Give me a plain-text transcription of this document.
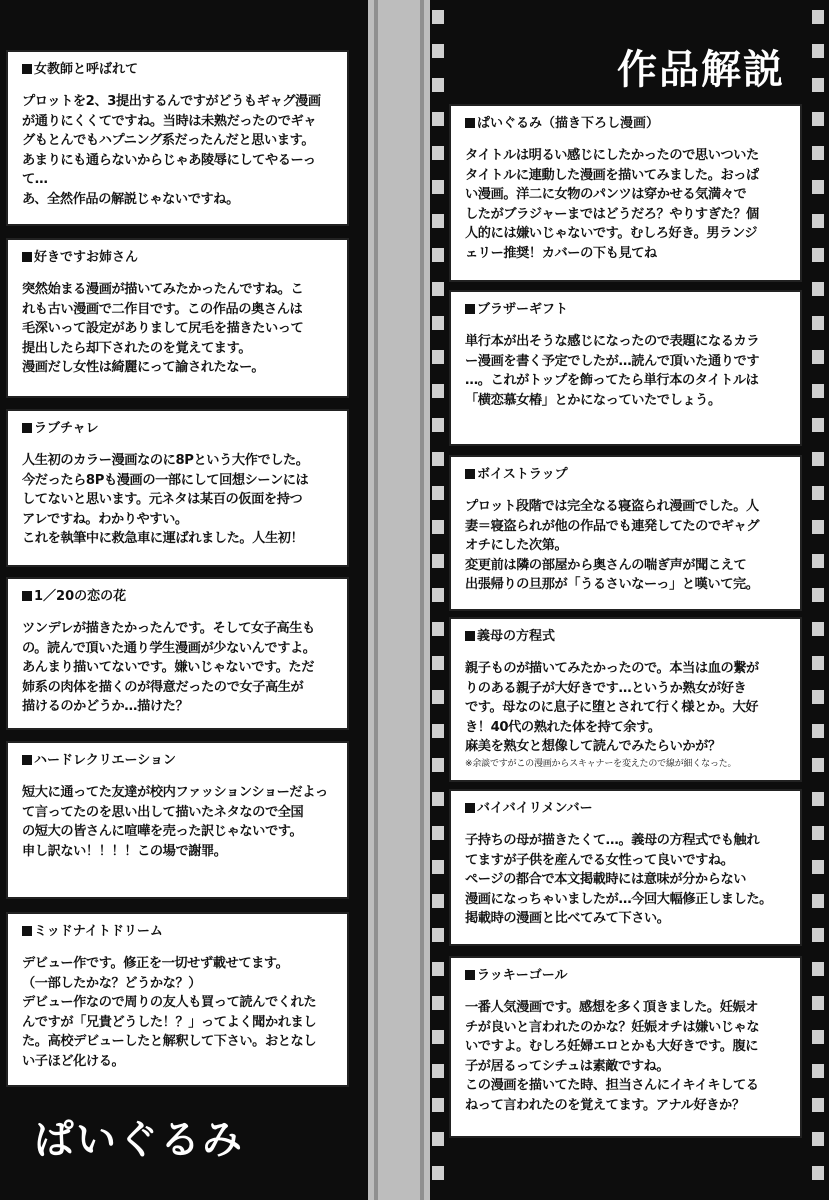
作品解説
ぱいぐるみ
女教師と呼ばれて

プロットを2、3提出するんですがどうもギャグ漫画
が通りにくくてですね。当時は未熟だったのでギャ
グもとんでもハプニング系だったんだと思います。
あまりにも通らないからじゃあ陵辱にしてやるーっ
て…
あ、全然作品の解説じゃないですね。

好きですお姉さん

突然始まる漫画が描いてみたかったんですね。こ
れも古い漫画で二作目です。この作品の奥さんは
毛深いって設定がありまして尻毛を描きたいって
提出したら却下されたのを覚えてます。
漫画だし女性は綺麗にって諭されたなー。

ラブチャレ

人生初のカラー漫画なのに8Pという大作でした。
今だったら8Pも漫画の一部にして回想シーンには
してないと思います。元ネタは某百の仮面を持つ
アレですね。わかりやすい。
これを執筆中に救急車に運ばれました。人生初！

1／20の恋の花

ツンデレが描きたかったんです。そして女子高生も
の。読んで頂いた通り学生漫画が少ないんですよ。
あんまり描いてないです。嫌いじゃないです。ただ
姉系の肉体を描くのが得意だったので女子高生が
描けるのかどうか…描けた？

ハードレクリエーション

短大に通ってた友達が校内ファッションショーだよっ
て言ってたのを思い出して描いたネタなので全国
の短大の皆さんに喧嘩を売った訳じゃないです。
申し訳ない！！！！この場で謝罪。

ミッドナイトドリーム

デビュー作です。修正を一切せず載せてます。
（一部したかな？どうかな？）
デビュー作なので周りの友人も買って読んでくれた
んですが「兄貴どうした！？」ってよく聞かれまし
た。高校デビューしたと解釈して下さい。おとなし
い子ほど化ける。

ぱいぐるみ（描き下ろし漫画）

タイトルは明るい感じにしたかったので思いついた
タイトルに連動した漫画を描いてみました。おっぱ
い漫画。洋二に女物のパンツは穿かせる気満々で
したがブラジャーまではどうだろ？やりすぎた？個
人的には嫌いじゃないです。むしろ好き。男ランジ
ェリー推奨！カバーの下も見てね

ブラザーギフト

単行本が出そうな感じになったので表題になるカラ
ー漫画を書く予定でしたが…読んで頂いた通りです
…。これがトップを飾ってたら単行本のタイトルは
「横恋慕女椿」とかになっていたでしょう。

ボイストラップ

プロット段階では完全なる寝盗られ漫画でした。人
妻＝寝盗られが他の作品でも連発してたのでギャグ
オチにした次第。
変更前は隣の部屋から奥さんの喘ぎ声が聞こえて
出張帰りの旦那が「うるさいなーっ」と嘆いて完。

義母の方程式

親子ものが描いてみたかったので。本当は血の繋が
りのある親子が大好きです…というか熟女が好き
です。母なのに息子に堕とされて行く様とか。大好
き！40代の熟れた体を持て余す。
麻美を熟女と想像して読んでみたらいかが？

※余談ですがこの漫画からスキャナーを変えたので線が細くなった。

バイバイリメンバー

子持ちの母が描きたくて…。義母の方程式でも触れ
てますが子供を産んでる女性って良いですね。
ページの都合で本文掲載時には意味が分からない
漫画になっちゃいましたが…今回大幅修正しました。
掲載時の漫画と比べてみて下さい。

ラッキーゴール

一番人気漫画です。感想を多く頂きました。妊娠オ
チが良いと言われたのかな？妊娠オチは嫌いじゃな
いですよ。むしろ妊婦エロとかも大好きです。腹に
子が居るってシチュは素敵ですね。
この漫画を描いてた時、担当さんにイキイキしてる
ねって言われたのを覚えてます。アナル好きか？
